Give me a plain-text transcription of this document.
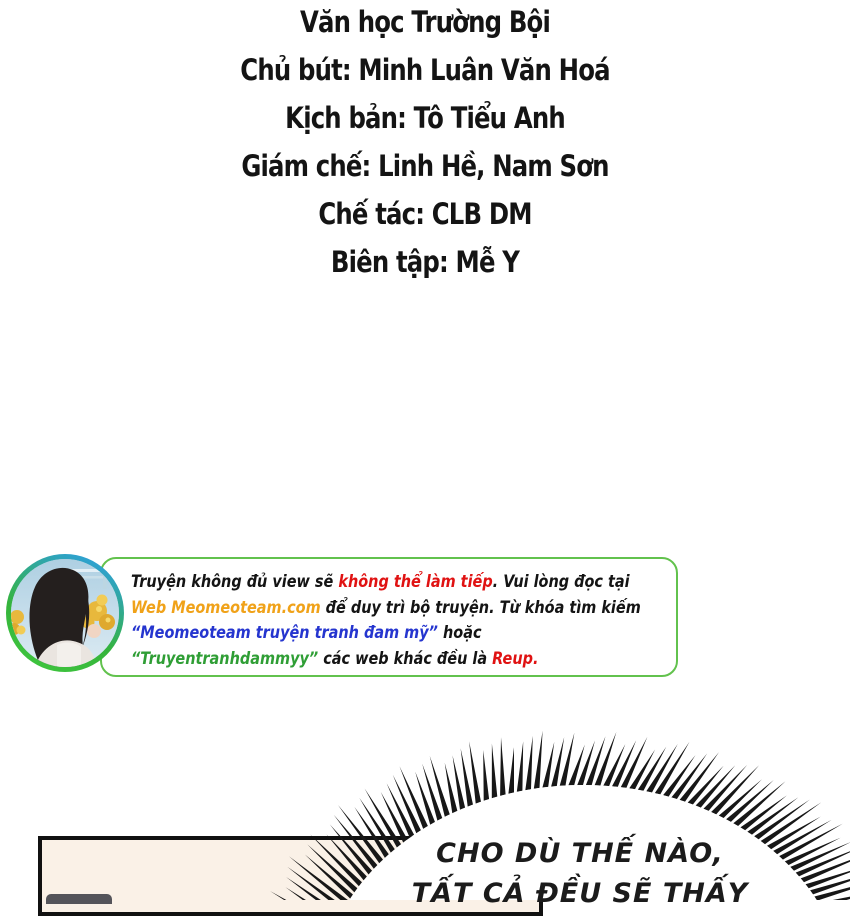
Văn học Trường Bội
Chủ bút: Minh Luân Văn Hoá
Kịch bản: Tô Tiểu Anh
Giám chế: Linh Hề, Nam Sơn
Chế tác: CLB DM
Biên tập: Mễ Y
Truyện không đủ view sẽ không thể làm tiếp. Vui lòng đọc tại
Web Meomeoteam.com để duy trì bộ truyện. Từ khóa tìm kiếm
“Meomeoteam truyện tranh đam mỹ” hoặc
“Truyentranhdammyy” các web khác đều là Reup.
CHO DÙ THẾ NÀO,
TẤT CẢ ĐỀU SẼ THẤY
